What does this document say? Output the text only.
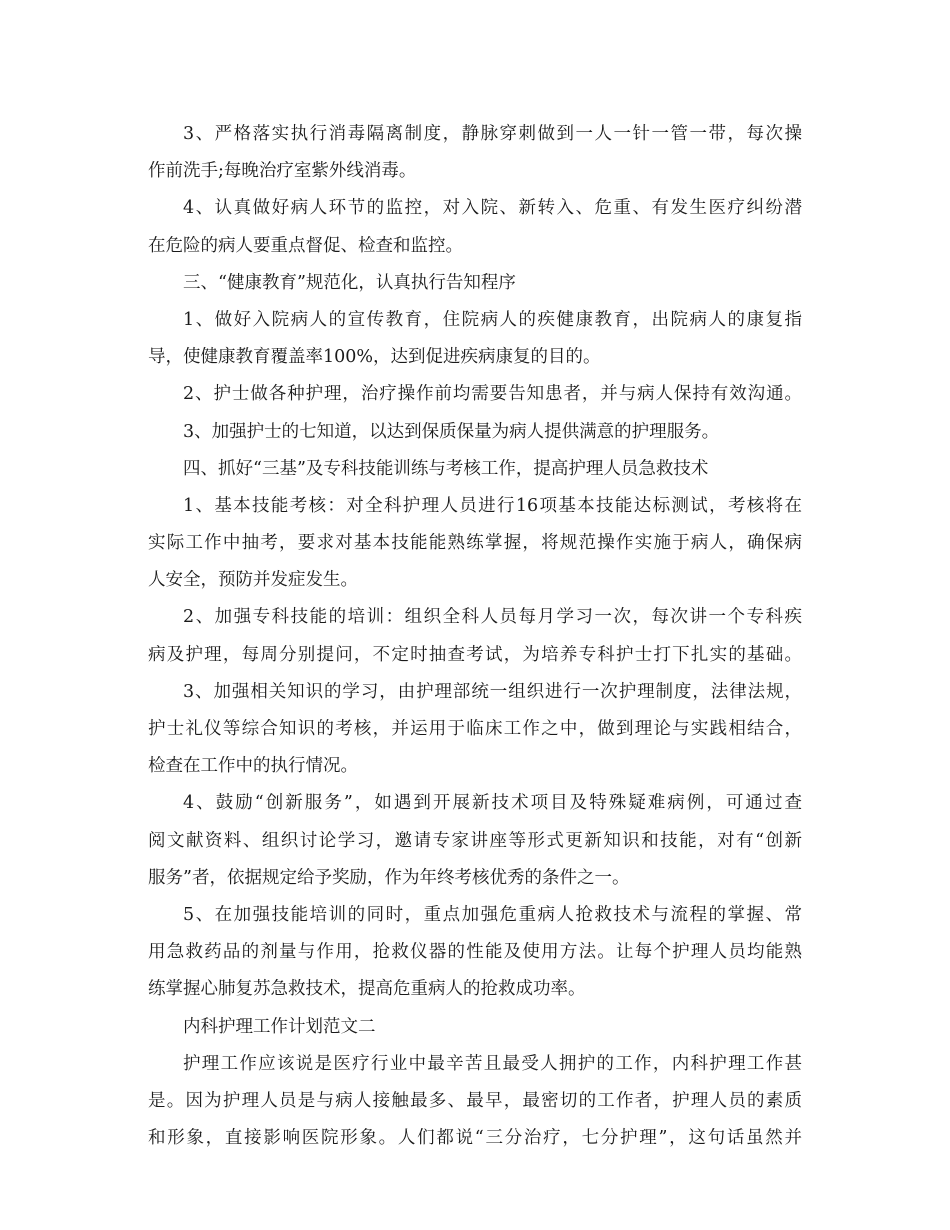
3、严格落实执行消毒隔离制度，静脉穿刺做到一人一针一管一带，每次操
作前洗手;每晚治疗室紫外线消毒。
4、认真做好病人环节的监控，对入院、新转入、危重、有发生医疗纠纷潜
在危险的病人要重点督促、检查和监控。
三、“健康教育”规范化，认真执行告知程序
1、做好入院病人的宣传教育，住院病人的疾健康教育，出院病人的康复指
导，使健康教育覆盖率100%，达到促进疾病康复的目的。
2、护士做各种护理，治疗操作前均需要告知患者，并与病人保持有效沟通。
3、加强护士的七知道，以达到保质保量为病人提供满意的护理服务。
四、抓好“三基”及专科技能训练与考核工作，提高护理人员急救技术
1、基本技能考核：对全科护理人员进行16项基本技能达标测试，考核将在
实际工作中抽考，要求对基本技能能熟练掌握，将规范操作实施于病人，确保病
人安全，预防并发症发生。
2、加强专科技能的培训：组织全科人员每月学习一次，每次讲一个专科疾
病及护理，每周分别提问，不定时抽查考试，为培养专科护士打下扎实的基础。
3、加强相关知识的学习，由护理部统一组织进行一次护理制度，法律法规，
护士礼仪等综合知识的考核，并运用于临床工作之中，做到理论与实践相结合，
检查在工作中的执行情况。
4、鼓励“创新服务”，如遇到开展新技术项目及特殊疑难病例，可通过查
阅文献资料、组织讨论学习，邀请专家讲座等形式更新知识和技能，对有“创新
服务”者，依据规定给予奖励，作为年终考核优秀的条件之一。
5、在加强技能培训的同时，重点加强危重病人抢救技术与流程的掌握、常
用急救药品的剂量与作用，抢救仪器的性能及使用方法。让每个护理人员均能熟
练掌握心肺复苏急救技术，提高危重病人的抢救成功率。
内科护理工作计划范文二
护理工作应该说是医疗行业中最辛苦且最受人拥护的工作，内科护理工作甚
是。因为护理人员是与病人接触最多、最早，最密切的工作者，护理人员的素质
和形象，直接影响医院形象。人们都说“三分治疗，七分护理”，这句话虽然并
